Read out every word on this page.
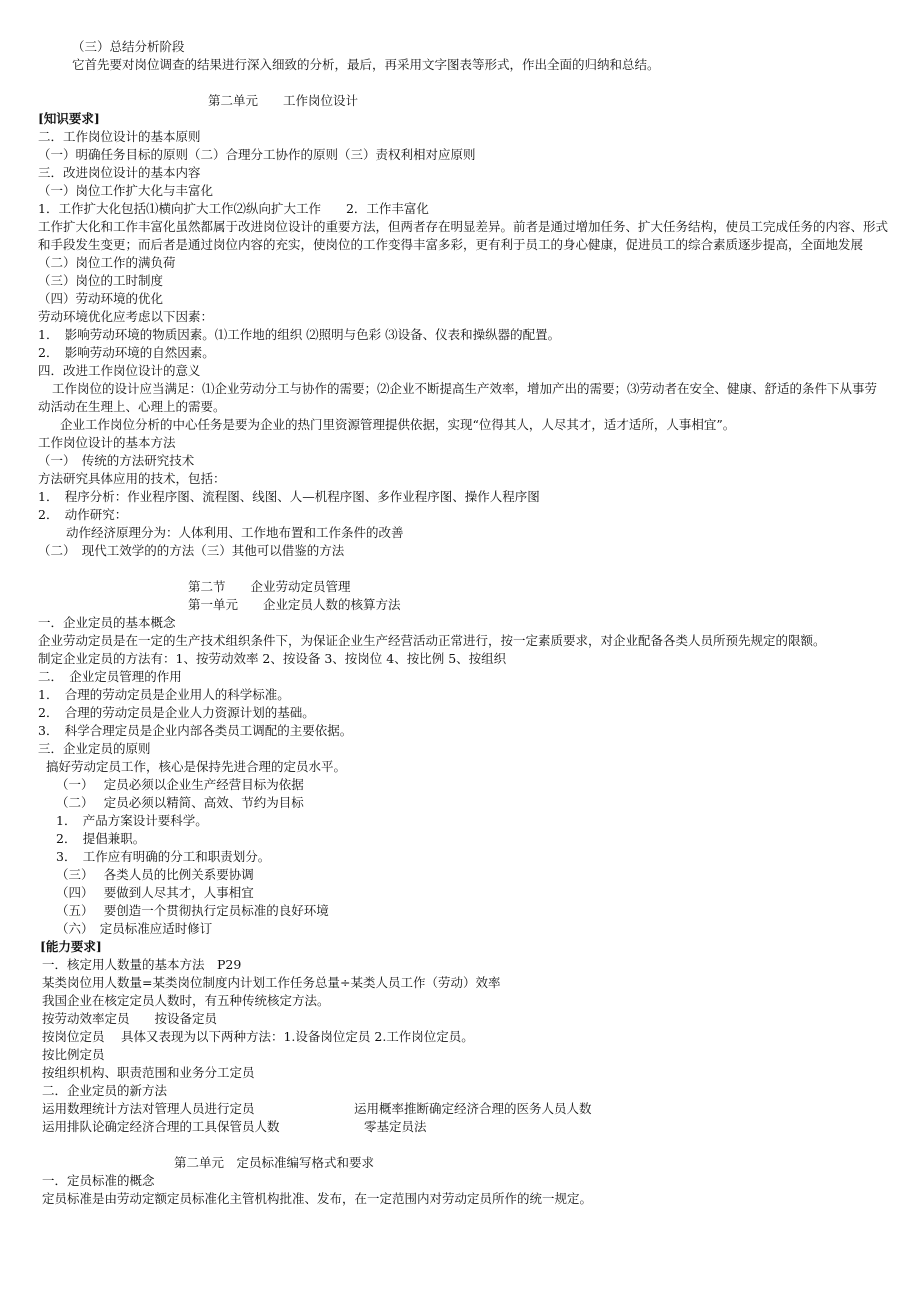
（三）总结分析阶段
它首先要对岗位调查的结果进行深入细致的分析，最后，再采用文字图表等形式，作出全面的归纳和总结。
第二单元　　工作岗位设计
[知识要求]
二．工作岗位设计的基本原则
（一）明确任务目标的原则（二）合理分工协作的原则（三）责权利相对应原则
三．改进岗位设计的基本内容
（一）岗位工作扩大化与丰富化
1．工作扩大化包括⑴横向扩大工作⑵纵向扩大工作　　2．工作丰富化
工作扩大化和工作丰富化虽然都属于改进岗位设计的重要方法，但两者存在明显差异。前者是通过增加任务、扩大任务结构，使员工完成任务的内容、形式和手段发生变更；而后者是通过岗位内容的充实，使岗位的工作变得丰富多彩，更有利于员工的身心健康，促进员工的综合素质逐步提高，全面地发展
（二）岗位工作的满负荷
（三）岗位的工时制度
（四）劳动环境的优化
劳动环境优化应考虑以下因素：
1．　影响劳动环境的物质因素。⑴工作地的组织 ⑵照明与色彩 ⑶设备、仪表和操纵器的配置。
2．　影响劳动环境的自然因素。
四．改进工作岗位设计的意义
工作岗位的设计应当满足：⑴企业劳动分工与协作的需要；⑵企业不断提高生产效率，增加产出的需要；⑶劳动者在安全、健康、舒适的条件下从事劳动活动在生理上、心理上的需要。
企业工作岗位分析的中心任务是要为企业的热门里资源管理提供依据，实现“位得其人，人尽其才，适才适所，人事相宜”。
工作岗位设计的基本方法
（一）　传统的方法研究技术
方法研究具体应用的技术，包括：
1．　程序分析：作业程序图、流程图、线图、人—机程序图、多作业程序图、操作人程序图
2．　动作研究：
动作经济原理分为：人体利用、工作地布置和工作条件的改善
（二）　现代工效学的的方法（三）其他可以借鉴的方法
第二节　　企业劳动定员管理
第一单元　　企业定员人数的核算方法
一．企业定员的基本概念
企业劳动定员是在一定的生产技术组织条件下，为保证企业生产经营活动正常进行，按一定素质要求，对企业配备各类人员所预先规定的限额。
制定企业定员的方法有：1、按劳动效率 2、按设备 3、按岗位 4、按比例 5、按组织
二．　企业定员管理的作用
1．　合理的劳动定员是企业用人的科学标准。
2．　合理的劳动定员是企业人力资源计划的基础。
3．　科学合理定员是企业内部各类员工调配的主要依据。
三．企业定员的原则
搞好劳动定员工作，核心是保持先进合理的定员水平。
（一）　 定员必须以企业生产经营目标为依据
（二）　 定员必须以精简、高效、节约为目标
1．　产品方案设计要科学。
2．　提倡兼职。
3．　工作应有明确的分工和职责划分。
（三）　 各类人员的比例关系要协调
（四）　 要做到人尽其才，人事相宜
（五）　 要创造一个贯彻执行定员标准的良好环境
（六）　定员标准应适时修订
[能力要求]
一．核定用人数量的基本方法　P29
某类岗位用人数量=某类岗位制度内计划工作任务总量÷某类人员工作（劳动）效率
我国企业在核定定员人数时，有五种传统核定方法。
按劳动效率定员　　按设备定员
按岗位定员　 具体又表现为以下两种方法：1.设备岗位定员 2.工作岗位定员。
按比例定员
按组织机构、职责范围和业务分工定员
二．企业定员的新方法
运用数理统计方法对管理人员进行定员	运用概率推断确定经济合理的医务人员人数
运用排队论确定经济合理的工具保管员人数	零基定员法
第二单元　定员标准编写格式和要求
一．定员标准的概念
定员标准是由劳动定额定员标准化主管机构批准、发布，在一定范围内对劳动定员所作的统一规定。
